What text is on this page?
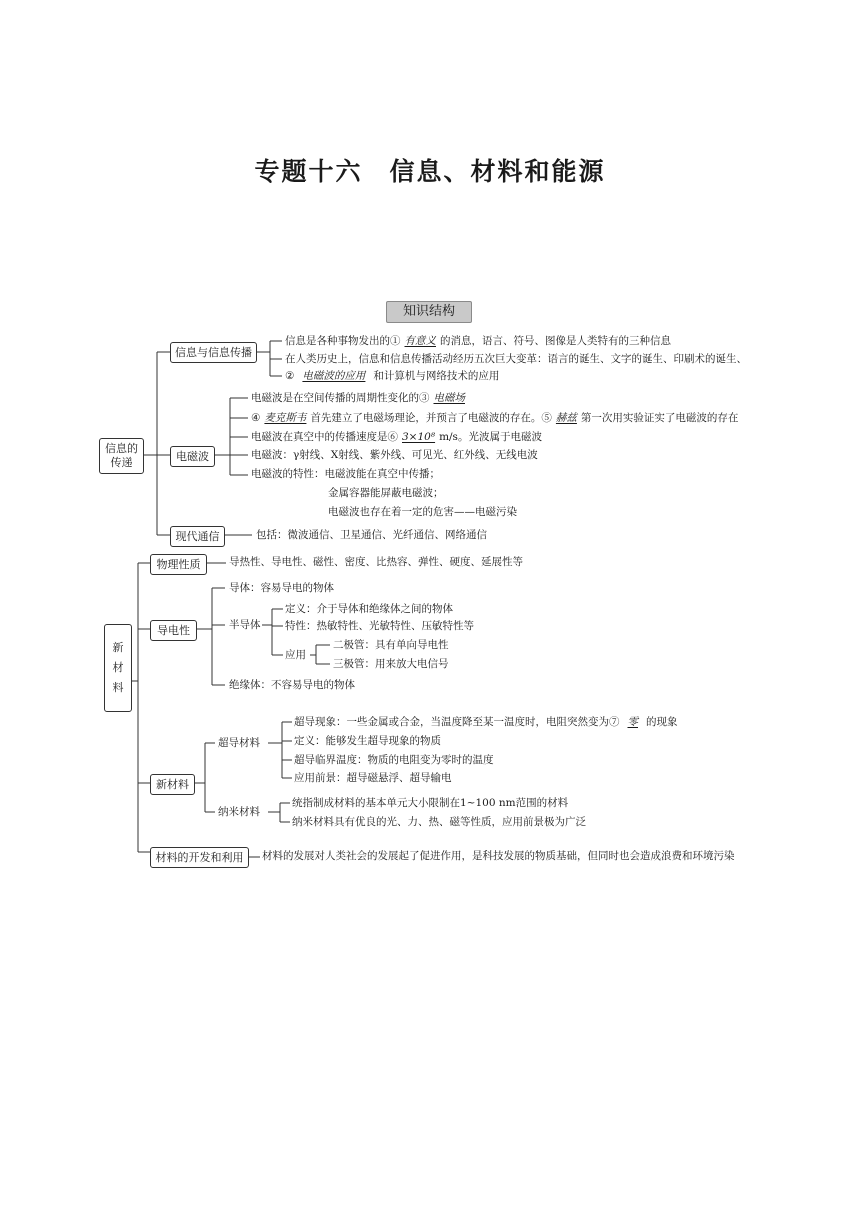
专题十六　信息、材料和能源
知识结构
信息的
传递
信息与信息传播
信息是各种事物发出的① 有意义 的消息，语言、符号、图像是人类特有的三种信息
在人类历史上，信息和信息传播活动经历五次巨大变革：语言的诞生、文字的诞生、印刷术的诞生、
② 电磁波的应用 和计算机与网络技术的应用
电磁波
电磁波是在空间传播的周期性变化的③ 电磁场
④ 麦克斯韦 首先建立了电磁场理论，并预言了电磁波的存在。⑤ 赫兹 第一次用实验证实了电磁波的存在
电磁波在真空中的传播速度是⑥ 3×10⁸ m/s。光波属于电磁波
电磁波：γ射线、X射线、紫外线、可见光、红外线、无线电波
电磁波的特性：电磁波能在真空中传播；
金属容器能屏蔽电磁波；
电磁波也存在着一定的危害——电磁污染
现代通信	包括：微波通信、卫星通信、光纤通信、网络通信
新
材
料
物理性质	导热性、导电性、磁性、密度、比热容、弹性、硬度、延展性等
导电性
导体：容易导电的物体
半导体
定义：介于导体和绝缘体之间的物体
特性：热敏特性、光敏特性、压敏特性等
应用
二极管：具有单向导电性
三极管：用来放大电信号
绝缘体：不容易导电的物体
新材料
超导材料
超导现象：一些金属或合金，当温度降至某一温度时，电阻突然变为⑦ 零 的现象
定义：能够发生超导现象的物质
超导临界温度：物质的电阻变为零时的温度
应用前景：超导磁悬浮、超导输电
纳米材料
统指制成材料的基本单元大小限制在1~100 nm范围的材料
纳米材料具有优良的光、力、热、磁等性质，应用前景极为广泛
材料的开发和利用	材料的发展对人类社会的发展起了促进作用，是科技发展的物质基础，但同时也会造成浪费和环境污染
